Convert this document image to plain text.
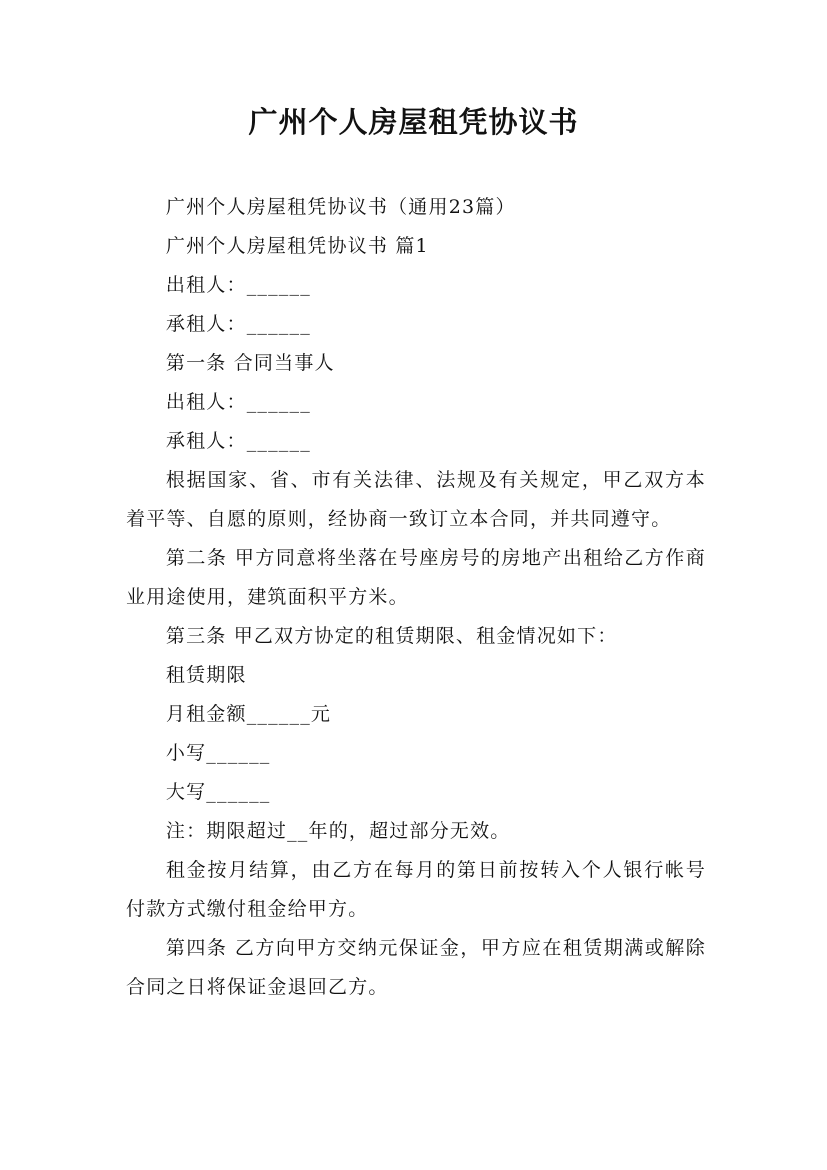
广州个人房屋租凭协议书

广州个人房屋租凭协议书（通用23篇）

广州个人房屋租凭协议书 篇1

出租人：______

承租人：______

第一条 合同当事人

出租人：______

承租人：______

根据国家、省、市有关法律、法规及有关规定，甲乙双方本着平等、自愿的原则，经协商一致订立本合同，并共同遵守。

第二条 甲方同意将坐落在号座房号的房地产出租给乙方作商业用途使用，建筑面积平方米。

第三条 甲乙双方协定的租赁期限、租金情况如下：

租赁期限

月租金额______元

小写______

大写______

注：期限超过__年的，超过部分无效。

租金按月结算，由乙方在每月的第日前按转入个人银行帐号付款方式缴付租金给甲方。

第四条 乙方向甲方交纳元保证金，甲方应在租赁期满或解除合同之日将保证金退回乙方。
